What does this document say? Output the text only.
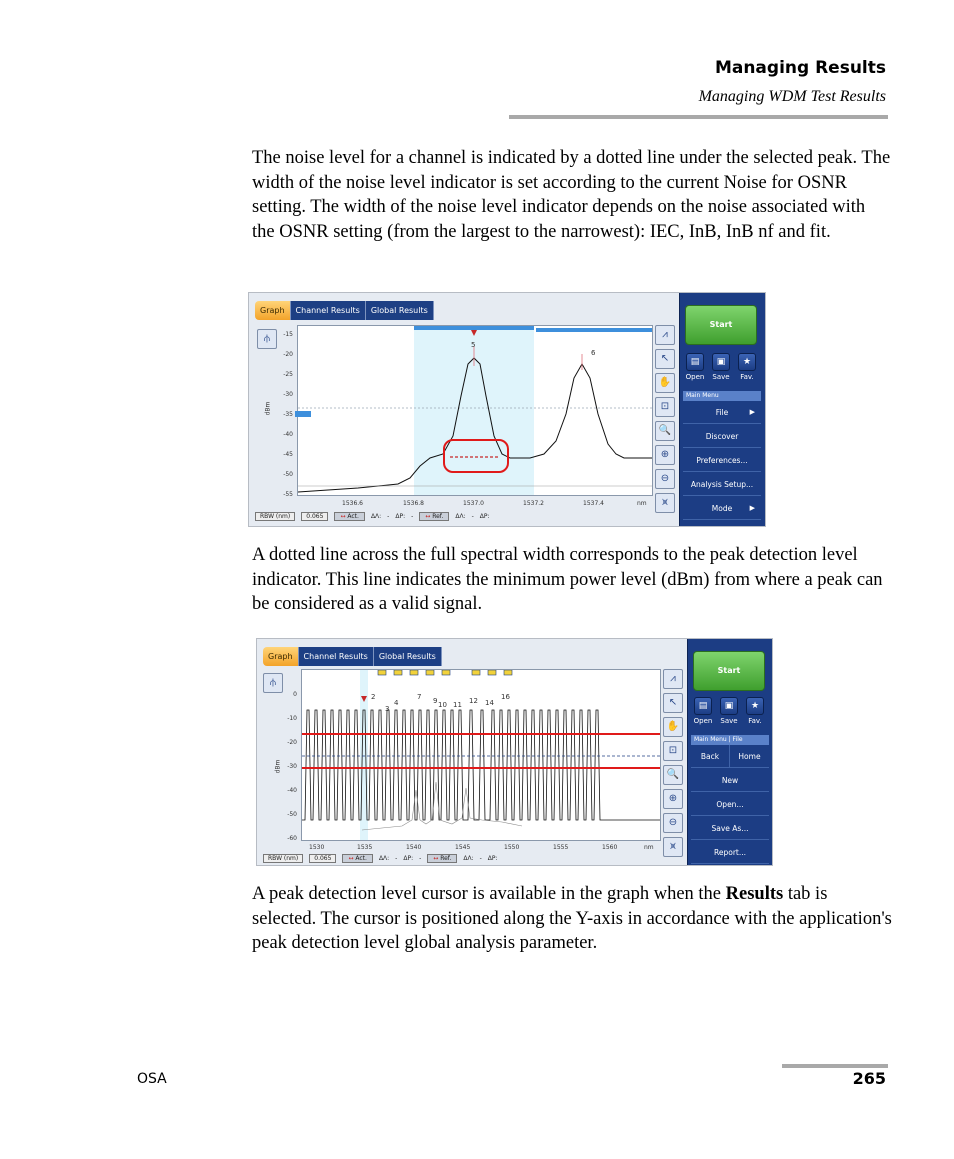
Managing Results
Managing WDM Test Results

The noise level for a channel is indicated by a dotted line under the selected peak. The width of the noise level indicator is set according to the current Noise for OSNR setting. The width of the noise level indicator depends on the noise associated with the OSNR setting (from the largest to the narrowest): IEC, InB, InB nf and fit.

Graph	Channel Results	Global Results
⫛
dBm
-15
-20
-25
-30
-35
-40
-45
-50
-55
5
6
1536.6	1536.8	1537.0	1537.2	1537.4	nm
RBW (nm)	0.065	↔ Act.	ΔΛ: - ΔP: -	↔ Ref.	ΔΛ: - ΔP:
⩘
↖
✋
⊡
🔍
⊕
⊖
⩙
Start
▤
Open
▣
Save
★
Fav.
Main Menu
File	▶
Discover
Preferences...
Analysis Setup...
Mode ▶

A dotted line across the full spectral width corresponds to the peak detection level indicator. This line indicates the minimum power level (dBm) from where a peak can be considered as a valid signal.

Graph	Channel Results	Global Results
⫛
dBm
0
-10
-20
-30
-40
-50
-60
2
3
4
7 9 10 11 12 14
16
1530	1535	1540	1545	1550	1555	1560	nm
RBW (nm)	0.065	↔ Act.	ΔΛ: - ΔP: -	↔ Ref.	ΔΛ: - ΔP:
⩘
↖
✋
⊡
🔍
⊕
⊖
⩙
Start
▤
Open
▣
Save
★
Fav.
Main Menu | File
Back	Home
New
Open...
Save As...
Report...

A peak detection level cursor is available in the graph when the Results tab is selected. The cursor is positioned along the Y-axis in accordance with the application's peak detection level global analysis parameter.

OSA	265
